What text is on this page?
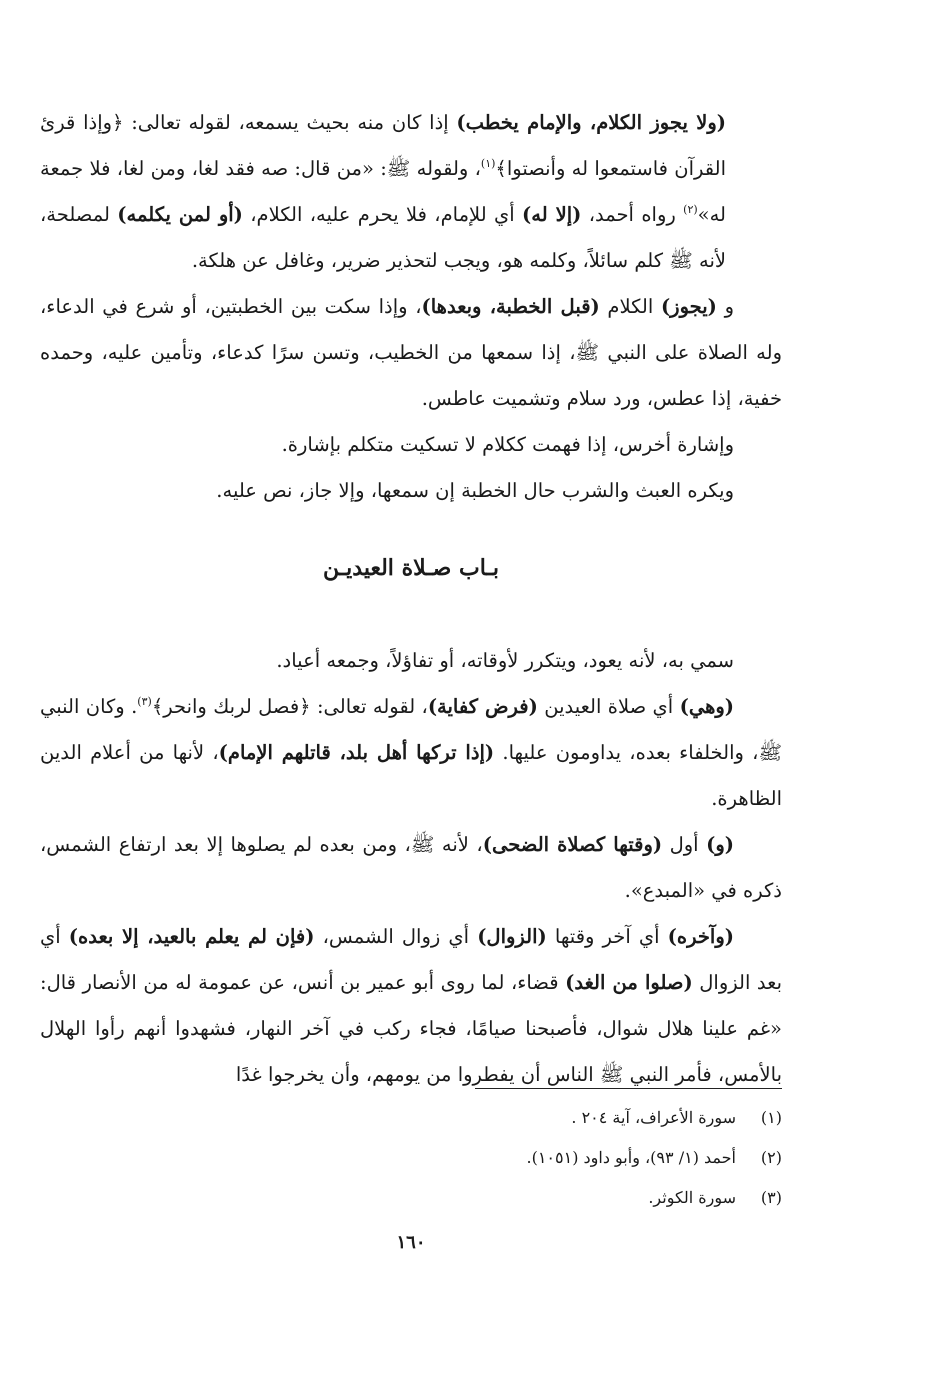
(ولا يجوز الكلام، والإمام يخطب) إذا كان منه بحيث يسمعه، لقوله تعالى: ﴿وإذا قرئ القرآن فاستمعوا له وأنصتوا﴾$^{(١)}$، ولقوله ﷺ: «من قال: صه فقد لغا، ومن لغا، فلا جمعة له»$^{(٢)}$ رواه أحمد، (إلا له) أي للإمام، فلا يحرم عليه، الكلام، (أو لمن يكلمه) لمصلحة، لأنه ﷺ كلم سائلاً، وكلمه هو، ويجب لتحذير ضرير، وغافل عن هلكة.

و (يجوز) الكلام (قبل الخطبة، وبعدها)، وإذا سكت بين الخطبتين، أو شرع في الدعاء، وله الصلاة على النبي ﷺ، إذا سمعها من الخطيب، وتسن سرًا كدعاء، وتأمين عليه، وحمده خفية، إذا عطس، ورد سلام وتشميت عاطس.

وإشارة أخرس، إذا فهمت ككلام لا تسكيت متكلم بإشارة.

ويكره العبث والشرب حال الخطبة إن سمعها، وإلا جاز، نص عليه.

بـاب صـلاة العيديـن

سمي به، لأنه يعود، ويتكرر لأوقاته، أو تفاؤلاً، وجمعه أعياد.

(وهي) أي صلاة العيدين (فرض كفاية)، لقوله تعالى: ﴿فصل لربك وانحر﴾$^{(٣)}$. وكان النبي ﷺ، والخلفاء بعده، يداومون عليها. (إذا تركها أهل بلد، قاتلهم الإمام)، لأنها من أعلام الدين الظاهرة.

(و) أول (وقتها كصلاة الضحى)، لأنه ﷺ، ومن بعده لم يصلوها إلا بعد ارتفاع الشمس، ذكره في «المبدع».

(وآخره) أي آخر وقتها (الزوال) أي زوال الشمس، (فإن لم يعلم بالعيد، إلا بعده) أي بعد الزوال (صلوا من الغد) قضاء، لما روى أبو عمير بن أنس، عن عمومة له من الأنصار قال: «غم علينا هلال شوال، فأصبحنا صيامًا، فجاء ركب في آخر النهار، فشهدوا أنهم رأوا الهلال بالأمس، فأمر النبي ﷺ الناس أن يفطروا من يومهم، وأن يخرجوا غدًا

(١)
سورة الأعراف، آية ٢٠٤ .
(٢)
أحمد (١/ ٩٣)، وأبو داود (١٠٥١).
(٣)
سورة الكوثر.
١٦٠
